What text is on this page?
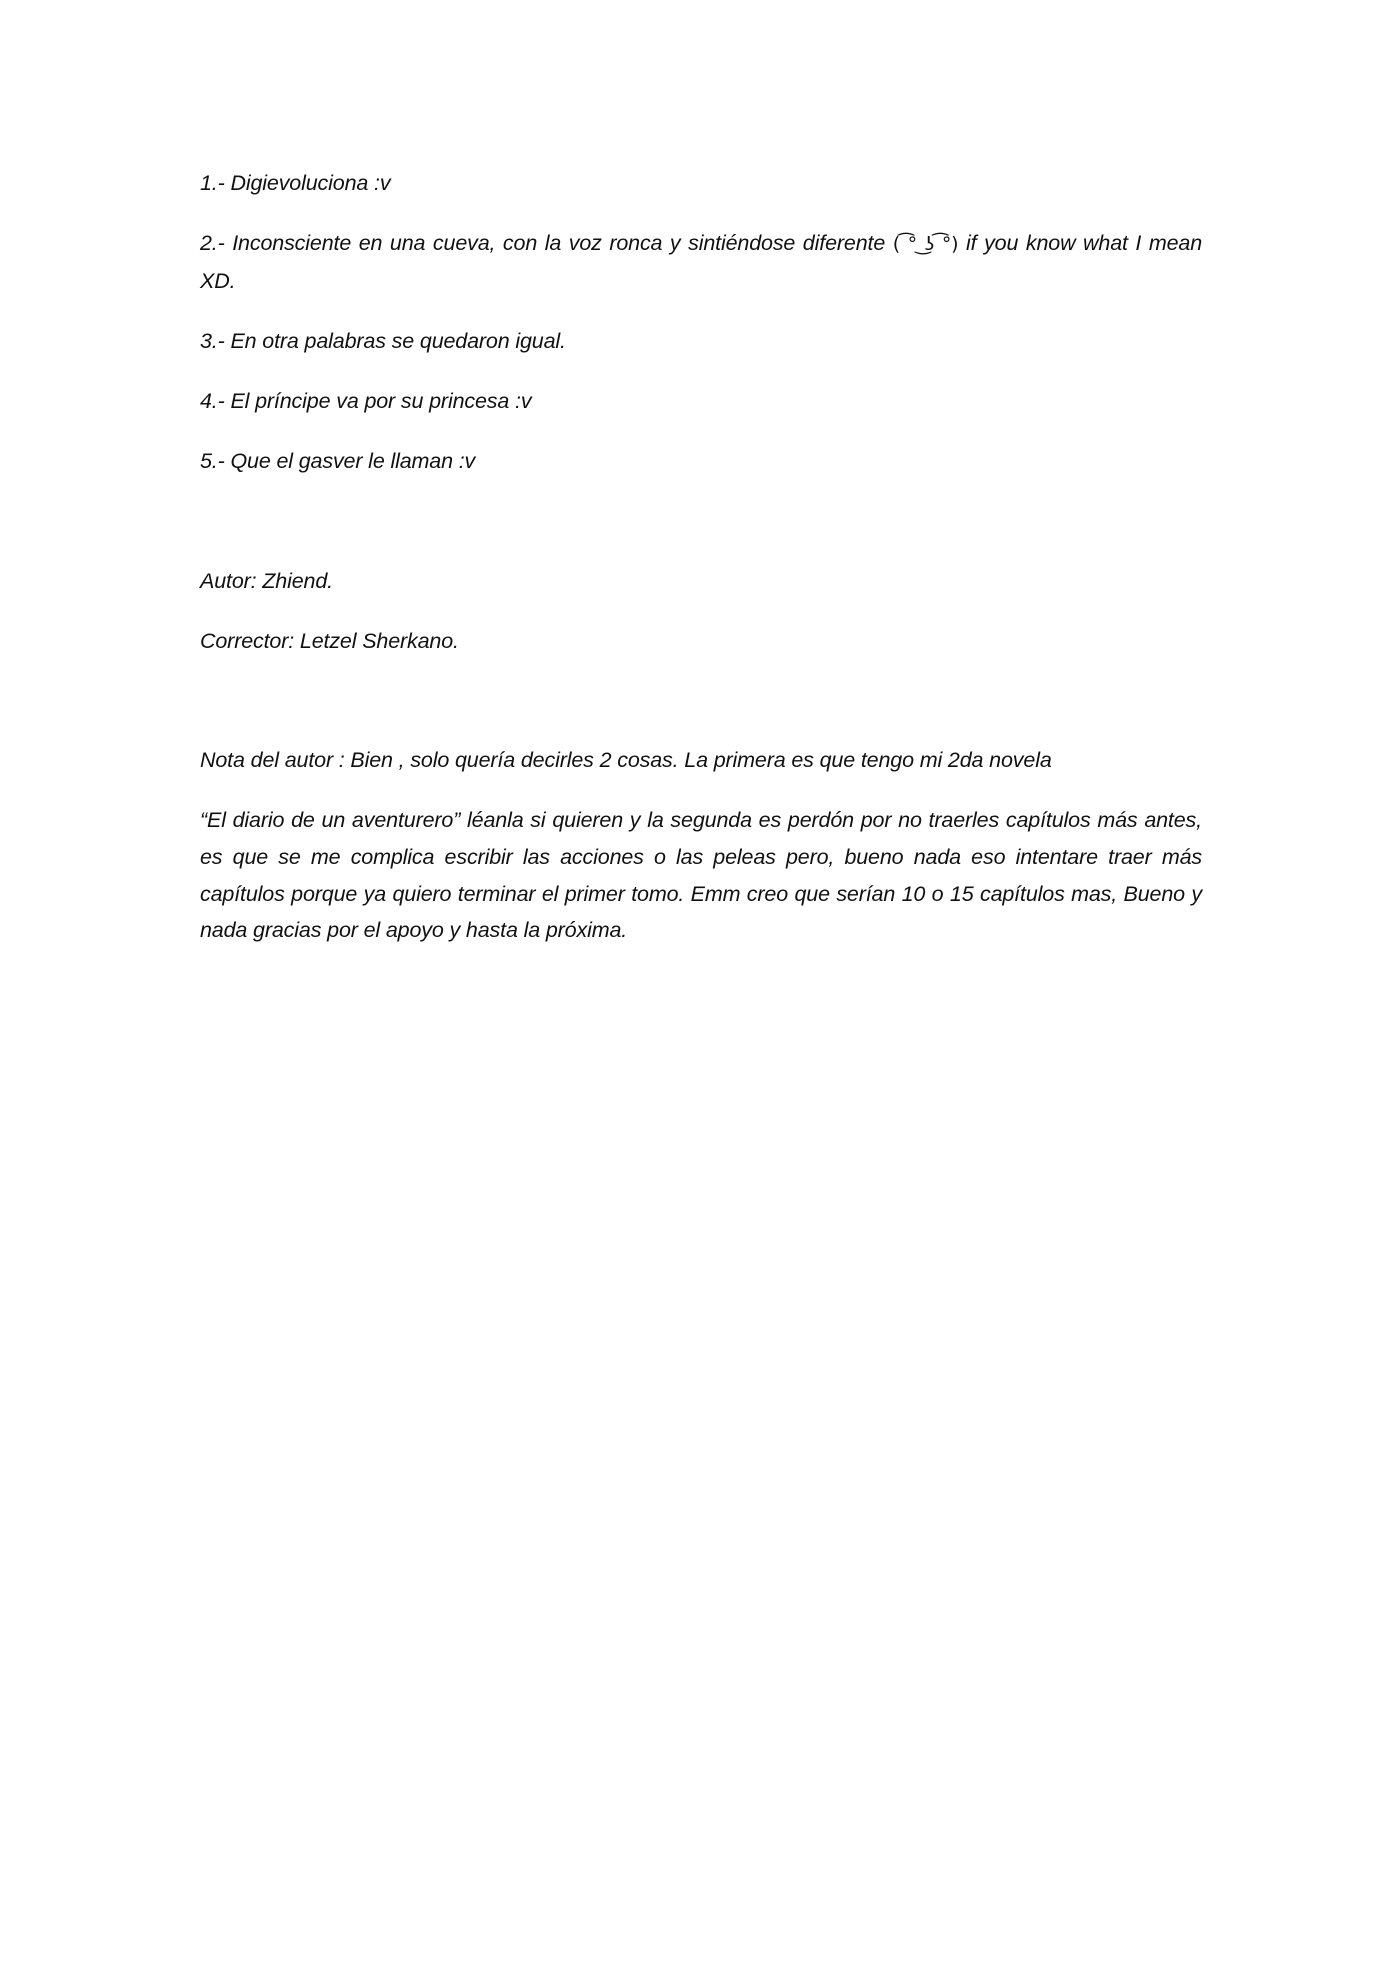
1.- Digievoluciona :v

2.- Inconsciente en una cueva, con la voz ronca y sintiéndose diferente ( ͡° ͜ʖ ͡°) if you know what I mean XD.

3.- En otra palabras se quedaron igual.

4.- El príncipe va por su princesa :v

5.- Que el gasver le llaman :v

Autor: Zhiend.

Corrector: Letzel Sherkano.

Nota del autor : Bien , solo quería decirles 2 cosas. La primera es que tengo mi 2da novela

“El diario de un aventurero” léanla si quieren y la segunda es perdón por no traerles capítulos más antes, es que se me complica escribir las acciones o las peleas pero, bueno nada eso intentare traer más capítulos porque ya quiero terminar el primer tomo. Emm creo que serían 10 o 15 capítulos mas, Bueno y nada gracias por el apoyo y hasta la próxima.
